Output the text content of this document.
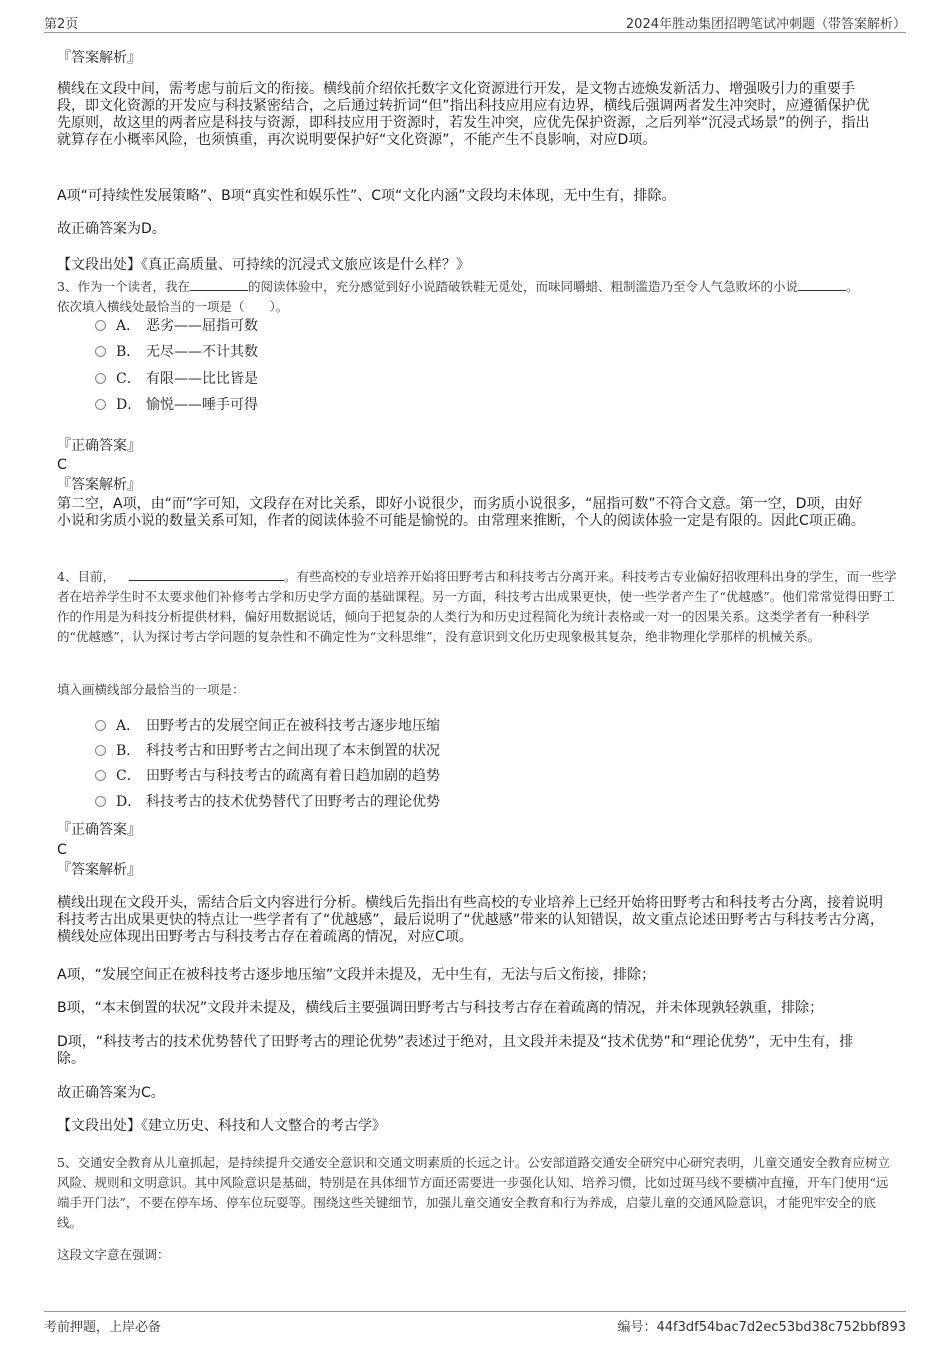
第2页	2024年胜动集团招聘笔试冲刺题（带答案解析）
『答案解析』
横线在文段中间，需考虑与前后文的衔接。横线前介绍依托数字文化资源进行开发，是文物古迹焕发新活力、增强吸引力的重要手段，即文化资源的开发应与科技紧密结合，之后通过转折词“但”指出科技应用应有边界，横线后强调两者发生冲突时，应遵循保护优先原则，故这里的两者应是科技与资源，即科技应用于资源时，若发生冲突，应优先保护资源，之后列举“沉浸式场景”的例子，指出就算存在小概率风险，也须慎重，再次说明要保护好“文化资源”，不能产生不良影响，对应D项。
A项“可持续性发展策略”、B项“真实性和娱乐性”、C项“文化内涵”文段均未体现，无中生有，排除。
故正确答案为D。
【文段出处】《真正高质量、可持续的沉浸式文旅应该是什么样？》
3、作为一个读者，我在	的阅读体验中，充分感觉到好小说踏破铁鞋无觅处，而味同嚼蜡、粗制滥造乃至令人气急败坏的小说	。
依次填入横线处最恰当的一项是（　　）。
A． 恶劣——屈指可数
B． 无尽——不计其数
C． 有限——比比皆是
D． 愉悦——唾手可得
『正确答案』
C
『答案解析』
第二空，A项，由“而”字可知，文段存在对比关系，即好小说很少，而劣质小说很多，“屈指可数”不符合文意。第一空，D项，由好小说和劣质小说的数量关系可知，作者的阅读体验不可能是愉悦的。由常理来推断，个人的阅读体验一定是有限的。因此C项正确。
4、目前，	。有些高校的专业培养开始将田野考古和科技考古分离开来。科技考古专业偏好招收理科出身的学生，而一些学者在培养学生时不太要求他们补修考古学和历史学方面的基础课程。另一方面，科技考古出成果更快，使一些学者产生了“优越感”。他们常常觉得田野工作的作用是为科技分析提供材料，偏好用数据说话，倾向于把复杂的人类行为和历史过程简化为统计表格或一对一的因果关系。这类学者有一种科学的“优越感”，认为探讨考古学问题的复杂性和不确定性为“文科思维”，没有意识到文化历史现象极其复杂，绝非物理化学那样的机械关系。
填入画横线部分最恰当的一项是：
A． 田野考古的发展空间正在被科技考古逐步地压缩
B． 科技考古和田野考古之间出现了本末倒置的状况
C． 田野考古与科技考古的疏离有着日趋加剧的趋势
D． 科技考古的技术优势替代了田野考古的理论优势
『正确答案』
C
『答案解析』
横线出现在文段开头，需结合后文内容进行分析。横线后先指出有些高校的专业培养上已经开始将田野考古和科技考古分离，接着说明科技考古出成果更快的特点让一些学者有了“优越感”，最后说明了“优越感”带来的认知错误，故文重点论述田野考古与科技考古分离，横线处应体现出田野考古与科技考古存在着疏离的情况，对应C项。
A项，“发展空间正在被科技考古逐步地压缩”文段并未提及，无中生有，无法与后文衔接，排除；
B项，“本末倒置的状况”文段并未提及，横线后主要强调田野考古与科技考古存在着疏离的情况，并未体现孰轻孰重，排除；
D项，“科技考古的技术优势替代了田野考古的理论优势”表述过于绝对，且文段并未提及“技术优势”和“理论优势”，无中生有，排除。
故正确答案为C。
【文段出处】《建立历史、科技和人文整合的考古学》
5、交通安全教育从儿童抓起，是持续提升交通安全意识和交通文明素质的长远之计。公安部道路交通安全研究中心研究表明，儿童交通安全教育应树立风险、规则和文明意识。其中风险意识是基础，特别是在具体细节方面还需要进一步强化认知、培养习惯，比如过斑马线不要横冲直撞，开车门使用“远端手开门法”，不要在停车场、停车位玩耍等。围绕这些关键细节，加强儿童交通安全教育和行为养成，启蒙儿童的交通风险意识，才能兜牢安全的底线。
这段文字意在强调：
考前押题，上岸必备	编号：44f3df54bac7d2ec53bd38c752bbf893
